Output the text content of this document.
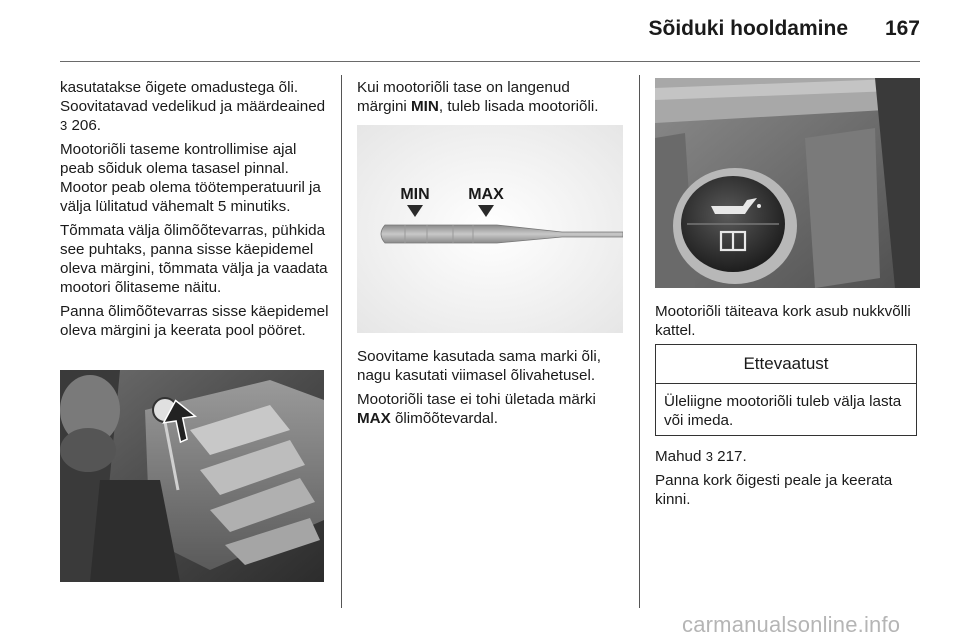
Sõiduki hooldamine 167

kasutatakse õigete omadustega õli. Soovitatavad vedelikud ja määrdeained 3 206.

Mootoriõli taseme kontrollimise ajal peab sõiduk olema tasasel pinnal. Mootor peab olema töötemperatuuril ja välja lülitatud vähemalt 5 minutiks.

Tõmmata välja õlimõõtevarras, pühkida see puhtaks, panna sisse käepidemel oleva märgini, tõmmata välja ja vaadata mootori õlitaseme näitu.

Panna õlimõõtevarras sisse käepidemel oleva märgini ja keerata pool pööret.

Kui mootoriõli tase on langenud märgini MIN, tuleb lisada mootoriõli.

MIN MAX

Soovitame kasutada sama marki õli, nagu kasutati viimasel õlivahetusel.

Mootoriõli tase ei tohi ületada märki MAX õlimõõtevardal.

Mootoriõli täiteava kork asub nukkvõlli kattel.

Ettevaatust
Üleliigne mootoriõli tuleb välja lasta või imeda.

Mahud 3 217.

Panna kork õigesti peale ja keerata kinni.

carmanualsonline.info
